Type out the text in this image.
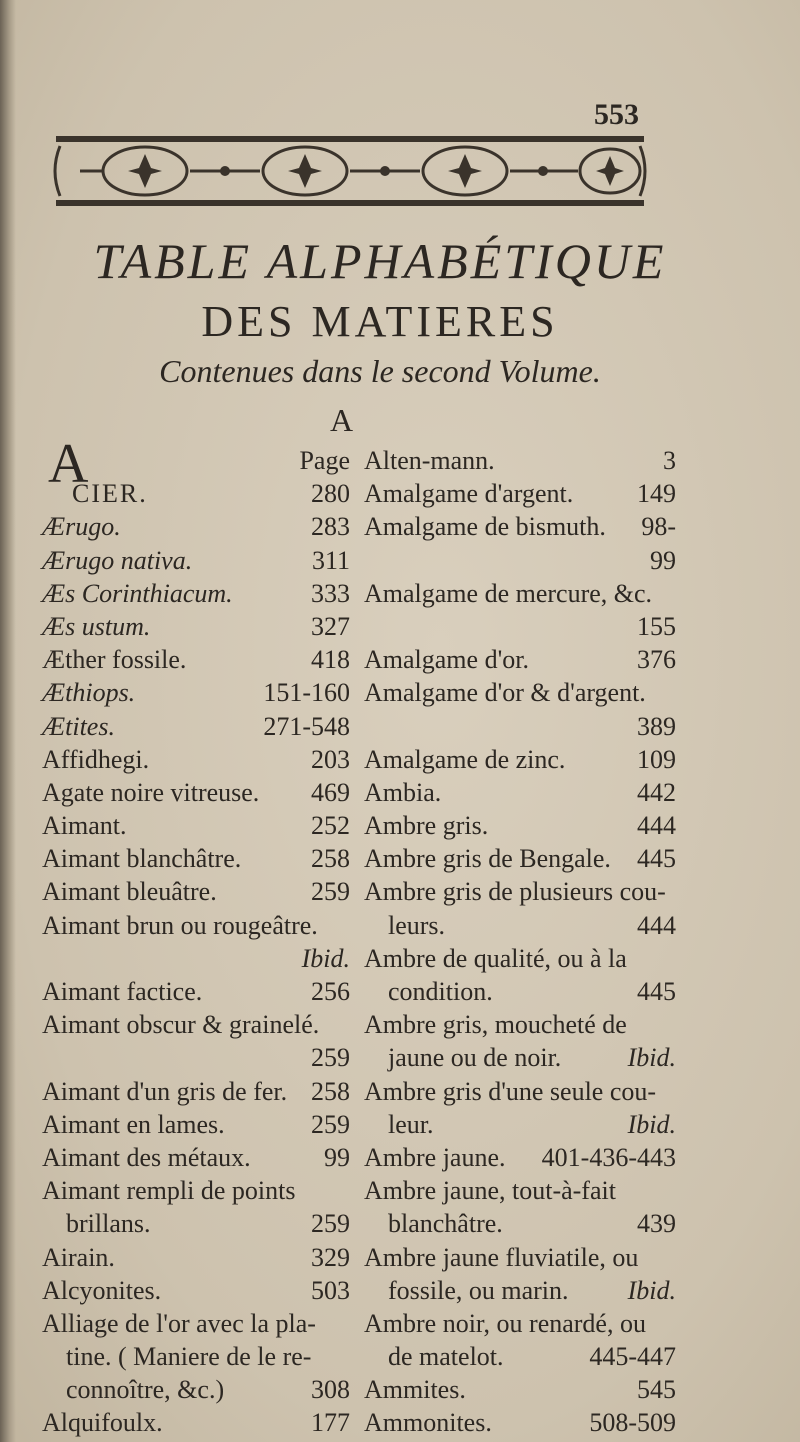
553
TABLE ALPHABÉTIQUE
DES MATIERES
Contenues dans le second Volume.
A
A	Page
CIER.	280
Ærugo.	283
Ærugo nativa.	311
Æs Corinthiacum.	333
Æs ustum.	327
Æther fossile.	418
Æthiops.	151-160
Ætites.	271-548
Affidhegi.	203
Agate noire vitreuse. 469
Aimant.	252
Aimant blanchâtre.	258
Aimant bleuâtre.	259
Aimant brun ou rougeâtre.
Ibid.
Aimant factice.	256
Aimant obscur & grainelé.
259
Aimant d'un gris de fer. 258
Aimant en lames.	259
Aimant des métaux.	99
Aimant rempli de points
brillans.	259
Airain.	329
Alcyonites.	503
Alliage de l'or avec la pla-
tine. ( Maniere de le re-
connoître, &c.)	308
Alquifoulx.	177
Alten-mann.	3
Amalgame d'argent. 149
Amalgame de bismuth. 98-
99
Amalgame de mercure, &c.
155
Amalgame d'or.	376
Amalgame d'or & d'argent.
389
Amalgame de zinc.	109
Ambia.	442
Ambre gris.	444
Ambre gris de Bengale. 445
Ambre gris de plusieurs cou-
leurs.	444
Ambre de qualité, ou à la
condition.	445
Ambre gris, moucheté de
jaune ou de noir.	Ibid.
Ambre gris d'une seule cou-
leur.	Ibid.
Ambre jaune. 401-436-443
Ambre jaune, tout-à-fait
blanchâtre.	439
Ambre jaune fluviatile, ou
fossile, ou marin. Ibid.
Ambre noir, ou renardé, ou
de matelot.	445-447
Ammites.	545
Ammonites.	508-509
